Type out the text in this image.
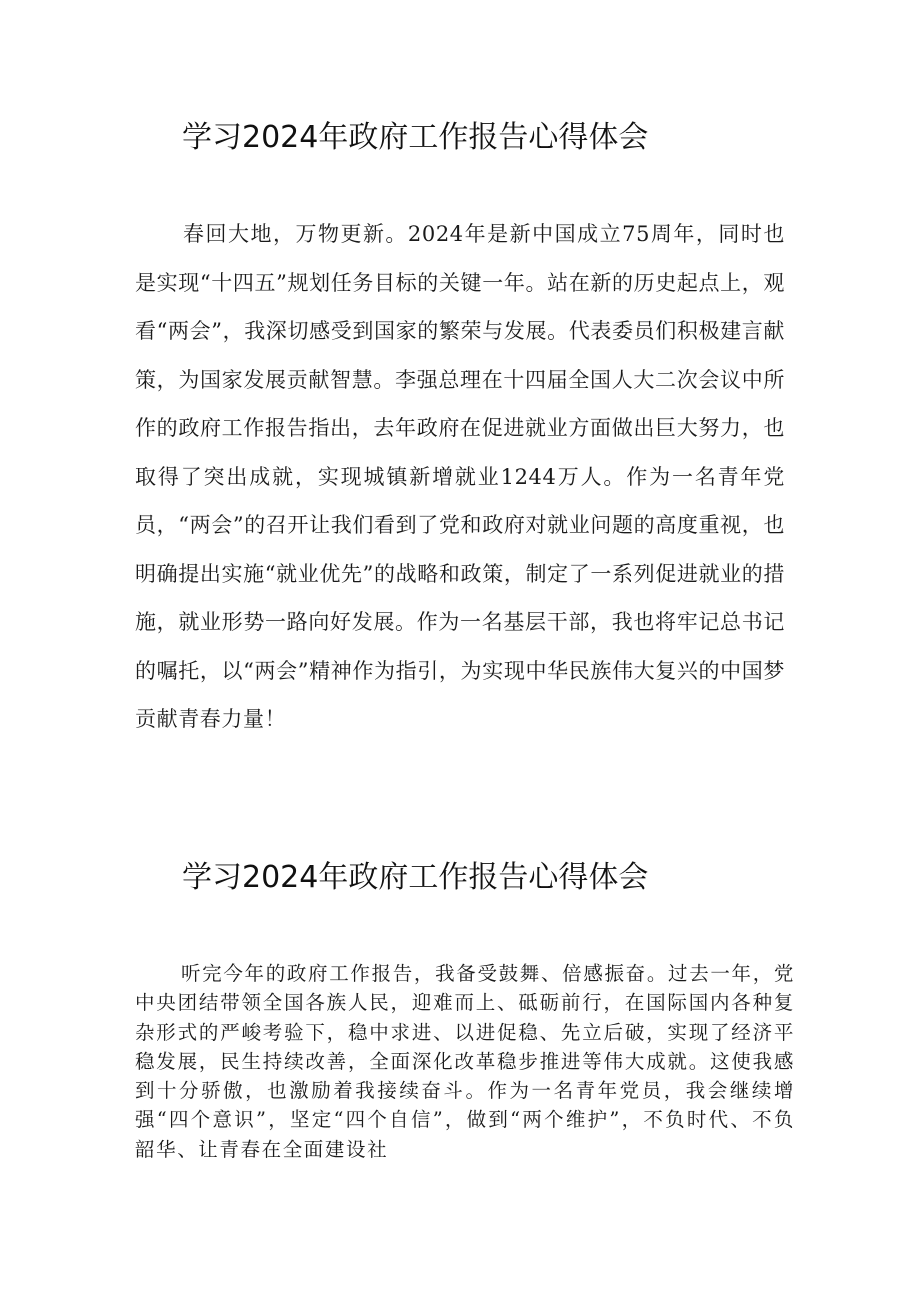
学习2024年政府工作报告心得体会

春回大地，万物更新。2024年是新中国成立75周年，同时也是实现“十四五”规划任务目标的关键一年。站在新的历史起点上，观看“两会”，我深切感受到国家的繁荣与发展。代表委员们积极建言献策，为国家发展贡献智慧。李强总理在十四届全国人大二次会议中所作的政府工作报告指出，去年政府在促进就业方面做出巨大努力，也取得了突出成就，实现城镇新增就业1244万人。作为一名青年党员，“两会”的召开让我们看到了党和政府对就业问题的高度重视，也明确提出实施“就业优先”的战略和政策，制定了一系列促进就业的措施，就业形势一路向好发展。作为一名基层干部，我也将牢记总书记的嘱托，以“两会”精神作为指引，为实现中华民族伟大复兴的中国梦贡献青春力量！

学习2024年政府工作报告心得体会

听完今年的政府工作报告，我备受鼓舞、倍感振奋。过去一年，党中央团结带领全国各族人民，迎难而上、砥砺前行，在国际国内各种复杂形式的严峻考验下，稳中求进、以进促稳、先立后破，实现了经济平稳发展，民生持续改善，全面深化改革稳步推进等伟大成就。这使我感到十分骄傲，也激励着我接续奋斗。作为一名青年党员，我会继续增强“四个意识”，坚定“四个自信”，做到“两个维护”，不负时代、不负韶华、让青春在全面建设社
